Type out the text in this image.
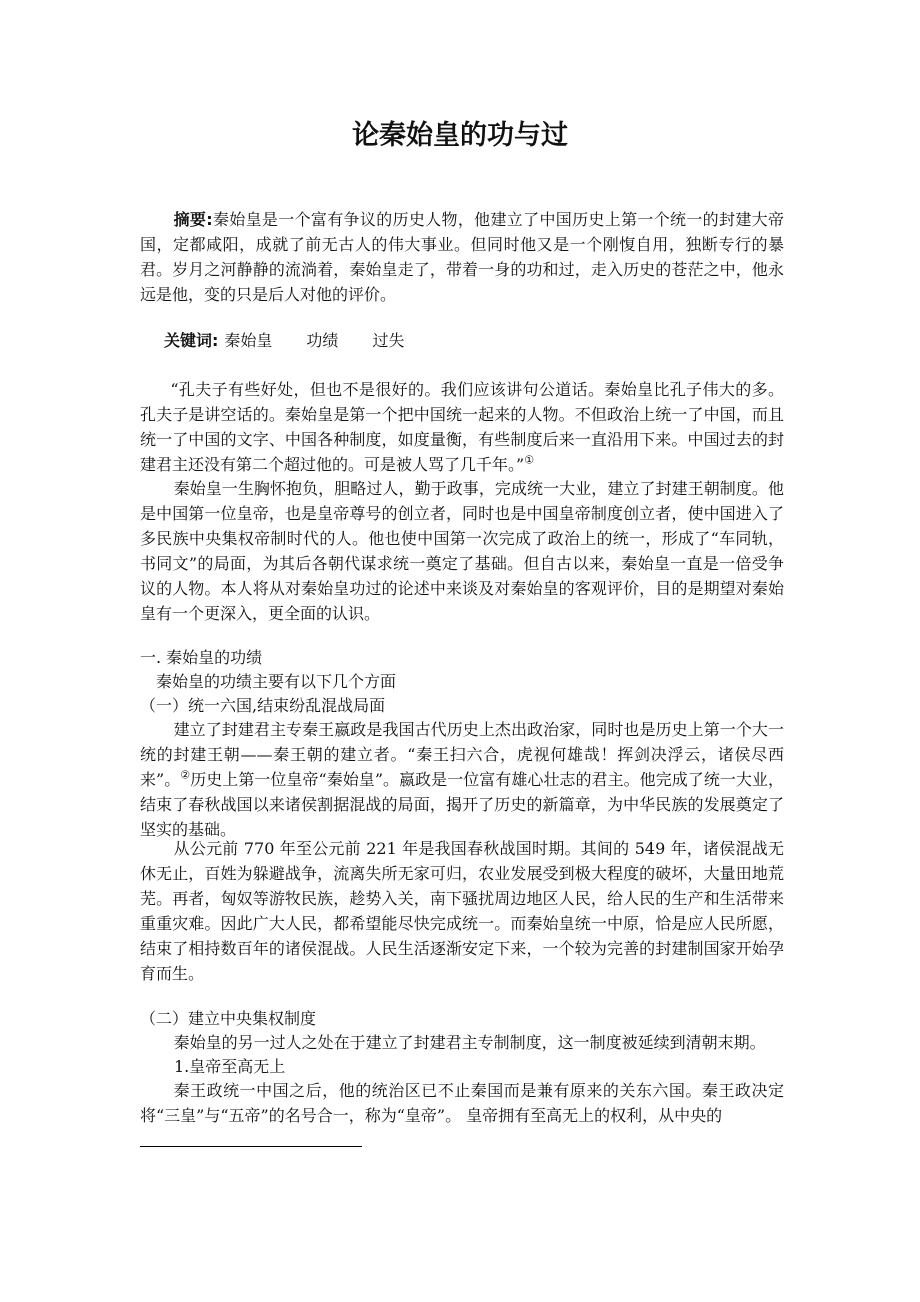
论秦始皇的功与过

摘要:秦始皇是一个富有争议的历史人物，他建立了中国历史上第一个统一的封建大帝国，定都咸阳，成就了前无古人的伟大事业。但同时他又是一个刚愎自用，独断专行的暴君。岁月之河静静的流淌着，秦始皇走了，带着一身的功和过，走入历史的苍茫之中，他永远是他，变的只是后人对他的评价。

关键词: 秦始皇 功绩 过失

“孔夫子有些好处，但也不是很好的。我们应该讲句公道话。秦始皇比孔子伟大的多。孔夫子是讲空话的。秦始皇是第一个把中国统一起来的人物。不但政治上统一了中国，而且统一了中国的文字、中国各种制度，如度量衡，有些制度后来一直沿用下来。中国过去的封建君主还没有第二个超过他的。可是被人骂了几千年。”①

秦始皇一生胸怀抱负，胆略过人，勤于政事，完成统一大业，建立了封建王朝制度。他是中国第一位皇帝，也是皇帝尊号的创立者，同时也是中国皇帝制度创立者，使中国进入了多民族中央集权帝制时代的人。他也使中国第一次完成了政治上的统一，形成了“车同轨，书同文”的局面，为其后各朝代谋求统一奠定了基础。但自古以来，秦始皇一直是一倍受争议的人物。本人将从对秦始皇功过的论述中来谈及对秦始皇的客观评价，目的是期望对秦始皇有一个更深入，更全面的认识。

一. 秦始皇的功绩

秦始皇的功绩主要有以下几个方面

（一）统一六国,结束纷乱混战局面

建立了封建君主专秦王嬴政是我国古代历史上杰出政治家，同时也是历史上第一个大一统的封建王朝——秦王朝的建立者。“秦王扫六合，虎视何雄哉！挥剑决浮云，诸侯尽西来”。②历史上第一位皇帝“秦始皇”。嬴政是一位富有雄心壮志的君主。他完成了统一大业，结束了春秋战国以来诸侯割据混战的局面，揭开了历史的新篇章，为中华民族的发展奠定了坚实的基础。

从公元前 770 年至公元前 221 年是我国春秋战国时期。其间的 549 年，诸侯混战无休无止，百姓为躲避战争，流离失所无家可归，农业发展受到极大程度的破坏，大量田地荒芜。再者，匈奴等游牧民族，趁势入关，南下骚扰周边地区人民，给人民的生产和生活带来重重灾难。因此广大人民，都希望能尽快完成统一。而秦始皇统一中原，恰是应人民所愿，结束了相持数百年的诸侯混战。人民生活逐渐安定下来，一个较为完善的封建制国家开始孕育而生。

（二）建立中央集权制度

秦始皇的另一过人之处在于建立了封建君主专制制度，这一制度被延续到清朝末期。

1.皇帝至高无上

秦王政统一中国之后，他的统治区已不止秦国而是兼有原来的关东六国。秦王政决定将“三皇”与“五帝”的名号合一，称为“皇帝”。 皇帝拥有至高无上的权利，从中央的
